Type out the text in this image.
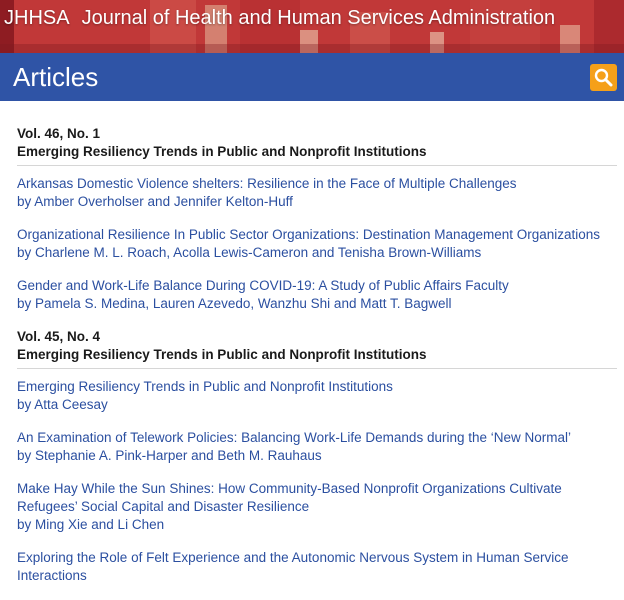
JHHSA Journal of Health and Human Services Administration
Articles
Vol. 46, No. 1
Emerging Resiliency Trends in Public and Nonprofit Institutions
Arkansas Domestic Violence shelters: Resilience in the Face of Multiple Challenges
by Amber Overholser and Jennifer Kelton-Huff
Organizational Resilience In Public Sector Organizations: Destination Management Organizations
by Charlene M. L. Roach, Acolla Lewis-Cameron and Tenisha Brown-Williams
Gender and Work-Life Balance During COVID-19: A Study of Public Affairs Faculty
by Pamela S. Medina, Lauren Azevedo, Wanzhu Shi and Matt T. Bagwell
Vol. 45, No. 4
Emerging Resiliency Trends in Public and Nonprofit Institutions
Emerging Resiliency Trends in Public and Nonprofit Institutions
by Atta Ceesay
An Examination of Telework Policies: Balancing Work-Life Demands during the ‘New Normal’
by Stephanie A. Pink-Harper and Beth M. Rauhaus
Make Hay While the Sun Shines: How Community-Based Nonprofit Organizations Cultivate Refugees’ Social Capital and Disaster Resilience
by Ming Xie and Li Chen
Exploring the Role of Felt Experience and the Autonomic Nervous System in Human Service Interactions
